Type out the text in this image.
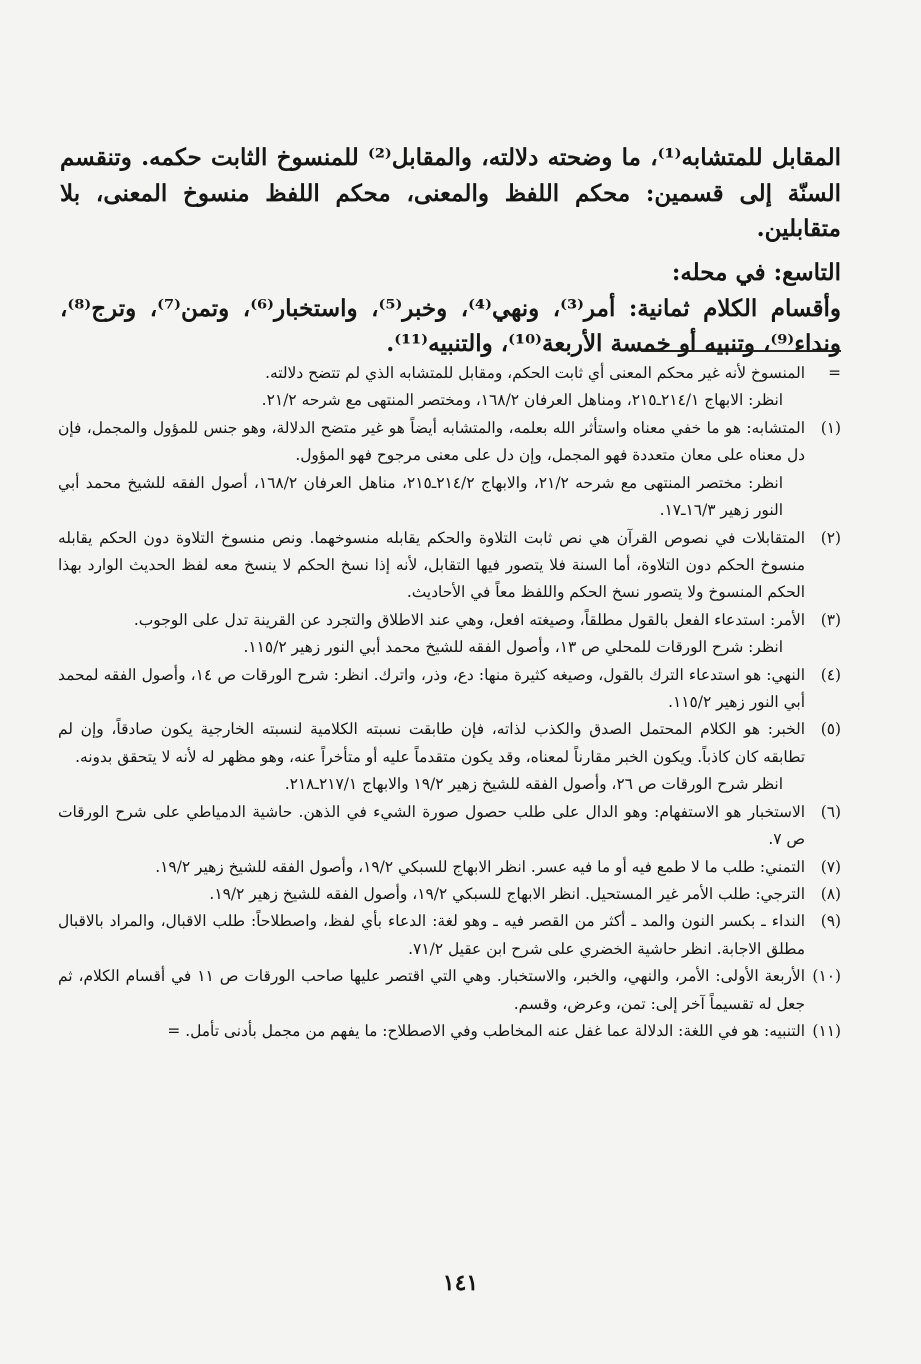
المقابل للمتشابه⁽¹⁾، ما وضحته دلالته، والمقابل⁽²⁾ للمنسوخ الثابت حكمه. وتنقسم السنّة إلى قسمين: محكم اللفظ والمعنى، محكم اللفظ منسوخ المعنى، بلا متقابلين.

التاسع: في محله:

وأقسام الكلام ثمانية: أمر⁽³⁾، ونهي⁽⁴⁾، وخبر⁽⁵⁾، واستخبار⁽⁶⁾، وتمن⁽⁷⁾، وترج⁽⁸⁾، ونداء⁽⁹⁾، وتنبيه أو خمسة الأربعة⁽¹⁰⁾، والتنبيه⁽¹¹⁾.

=
المنسوخ لأنه غير محكم المعنى أي ثابت الحكم، ومقابل للمتشابه الذي لم تتضح دلالته.

انظر: الابهاج ٢١٤/١ـ٢١٥، ومناهل العرفان ١٦٨/٢، ومختصر المنتهى مع شرحه ٢١/٢.

(١)
المتشابه: هو ما خفي معناه واستأثر الله بعلمه، والمتشابه أيضاً هو غير متضح الدلالة، وهو جنس للمؤول والمجمل، فإن دل معناه على معان متعددة فهو المجمل، وإن دل على معنى مرجوح فهو المؤول.

انظر: مختصر المنتهى مع شرحه ٢١/٢، والابهاج ٢١٤/٢ـ٢١٥، مناهل العرفان ١٦٨/٢، أصول الفقه للشيخ محمد أبي النور زهير ١٦/٣ـ١٧.

(٢)
المتقابلات في نصوص القرآن هي نص ثابت التلاوة والحكم يقابله منسوخهما. ونص منسوخ التلاوة دون الحكم يقابله منسوخ الحكم دون التلاوة، أما السنة فلا يتصور فيها التقابل، لأنه إذا نسخ الحكم لا ينسخ معه لفظ الحديث الوارد بهذا الحكم المنسوخ ولا يتصور نسخ الحكم واللفظ معاً في الأحاديث.

(٣)
الأمر: استدعاء الفعل بالقول مطلقاً، وصيغته افعل، وهي عند الاطلاق والتجرد عن القرينة تدل على الوجوب.

انظر: شرح الورقات للمحلي ص ١٣، وأصول الفقه للشيخ محمد أبي النور زهير ١١٥/٢.

(٤)
النهي: هو استدعاء الترك بالقول، وصيغه كثيرة منها: دع، وذر، واترك. انظر: شرح الورقات ص ١٤، وأصول الفقه لمحمد أبي النور زهير ١١٥/٢.

(٥)
الخبر: هو الكلام المحتمل الصدق والكذب لذاته، فإن طابقت نسبته الكلامية لنسبته الخارجية يكون صادقاً، وإن لم تطابقه كان كاذباً. ويكون الخبر مقارناً لمعناه، وقد يكون متقدماً عليه أو متأخراً عنه، وهو مظهر له لأنه لا يتحقق بدونه.

انظر شرح الورقات ص ٢٦، وأصول الفقه للشيخ زهير ١٩/٢ والابهاج ٢١٧/١ـ٢١٨.

(٦)
الاستخبار هو الاستفهام: وهو الدال على طلب حصول صورة الشيء في الذهن. حاشية الدمياطي على شرح الورقات ص ٧.

(٧)
التمني: طلب ما لا طمع فيه أو ما فيه عسر. انظر الابهاج للسبكي ١٩/٢، وأصول الفقه للشيخ زهير ١٩/٢.

(٨)
الترجي: طلب الأمر غير المستحيل. انظر الابهاج للسبكي ١٩/٢، وأصول الفقه للشيخ زهير ١٩/٢.

(٩)
النداء ـ بكسر النون والمد ـ أكثر من القصر فيه ـ وهو لغة: الدعاء بأي لفظ، واصطلاحاً: طلب الاقبال، والمراد بالاقبال مطلق الاجابة. انظر حاشية الخضري على شرح ابن عقيل ٧١/٢.

(١٠)
الأربعة الأولى: الأمر، والنهي، والخبر، والاستخبار. وهي التي اقتصر عليها صاحب الورقات ص ١١ في أقسام الكلام، ثم جعل له تقسيماً آخر إلى: تمن، وعرض، وقسم.

(١١)
التنبيه: هو في اللغة: الدلالة عما غفل عنه المخاطب وفي الاصطلاح: ما يفهم من مجمل بأدنى تأمل. =

١٤١
